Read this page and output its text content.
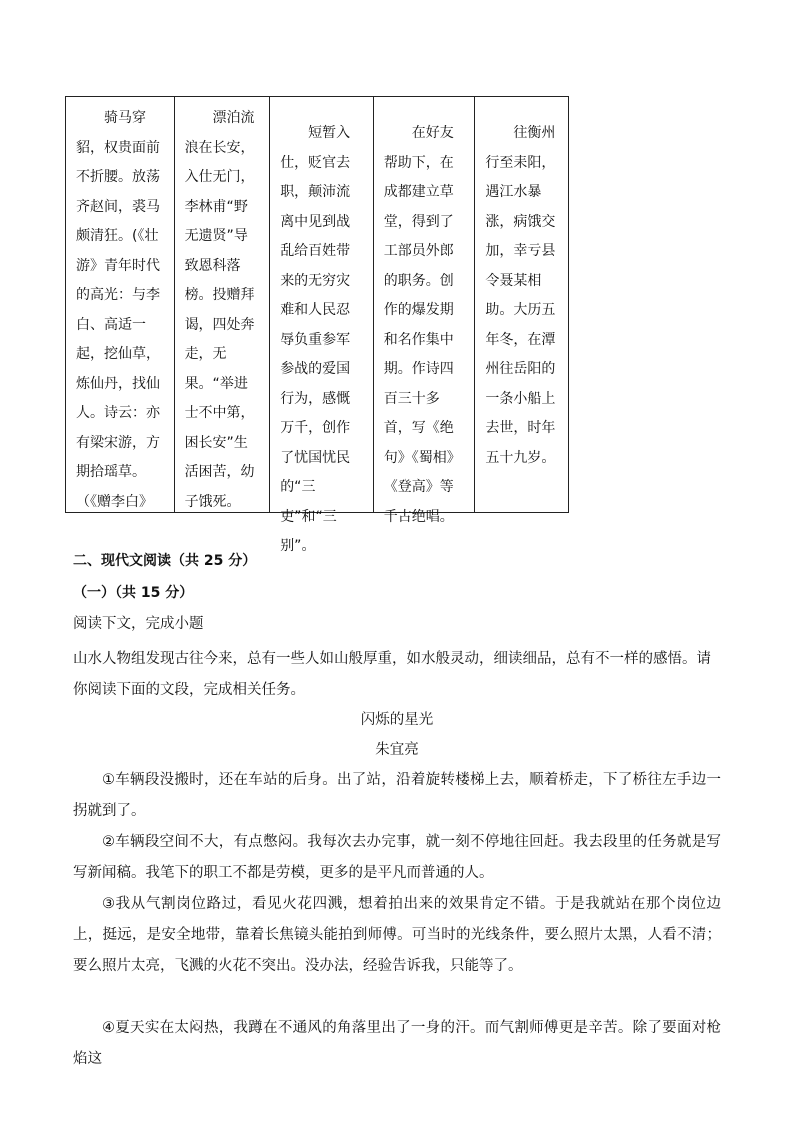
　　骑马穿貂，权贵面前不折腰。放荡齐赵间，裘马颇清狂。(《壮游》青年时代的高光：与李白、高适一起，挖仙草，炼仙丹，找仙人。诗云：亦有梁宋游，方期拾瑶草。（《赠李白》
　　漂泊流浪在长安，入仕无门，李林甫“野无遗贤”导致恩科落榜。投赠拜谒，四处奔走，无果。“举进士不中第，困长安”生活困苦，幼子饿死。
　　短暂入仕，贬官去职，颠沛流离中见到战乱给百姓带来的无穷灾难和人民忍辱负重参军参战的爱国行为，感慨万千，创作了忧国忧民的“三吏”和“三别”。
　　在好友帮助下，在成都建立草堂，得到了工部员外郎的职务。创作的爆发期和名作集中期。作诗四百三十多首，写《绝句》《蜀相》《登高》等千古绝唱。
　　往衡州行至耒阳，遇江水暴涨，病饿交加，幸亏县令聂某相助。大历五年冬，在潭州往岳阳的一条小船上去世，时年五十九岁。
二、现代文阅读（共 25 分）
（一）（共 15 分）
阅读下文，完成小题
山水人物组发现古往今来，总有一些人如山般厚重，如水般灵动，细读细品，总有不一样的感悟。请你阅读下面的文段，完成相关任务。
闪烁的星光
朱宜亮
①车辆段没搬时，还在车站的后身。出了站，沿着旋转楼梯上去，顺着桥走，下了桥往左手边一拐就到了。
②车辆段空间不大，有点憋闷。我每次去办完事，就一刻不停地往回赶。我去段里的任务就是写写新闻稿。我笔下的职工不都是劳模，更多的是平凡而普通的人。
③我从气割岗位路过，看见火花四溅，想着拍出来的效果肯定不错。于是我就站在那个岗位边上，挺远，是安全地带，靠着长焦镜头能拍到师傅。可当时的光线条件，要么照片太黑，人看不清；要么照片太亮，飞溅的火花不突出。没办法，经验告诉我，只能等了。
④夏天实在太闷热，我蹲在不通风的角落里出了一身的汗。而气割师傅更是辛苦。除了要面对枪焰这
